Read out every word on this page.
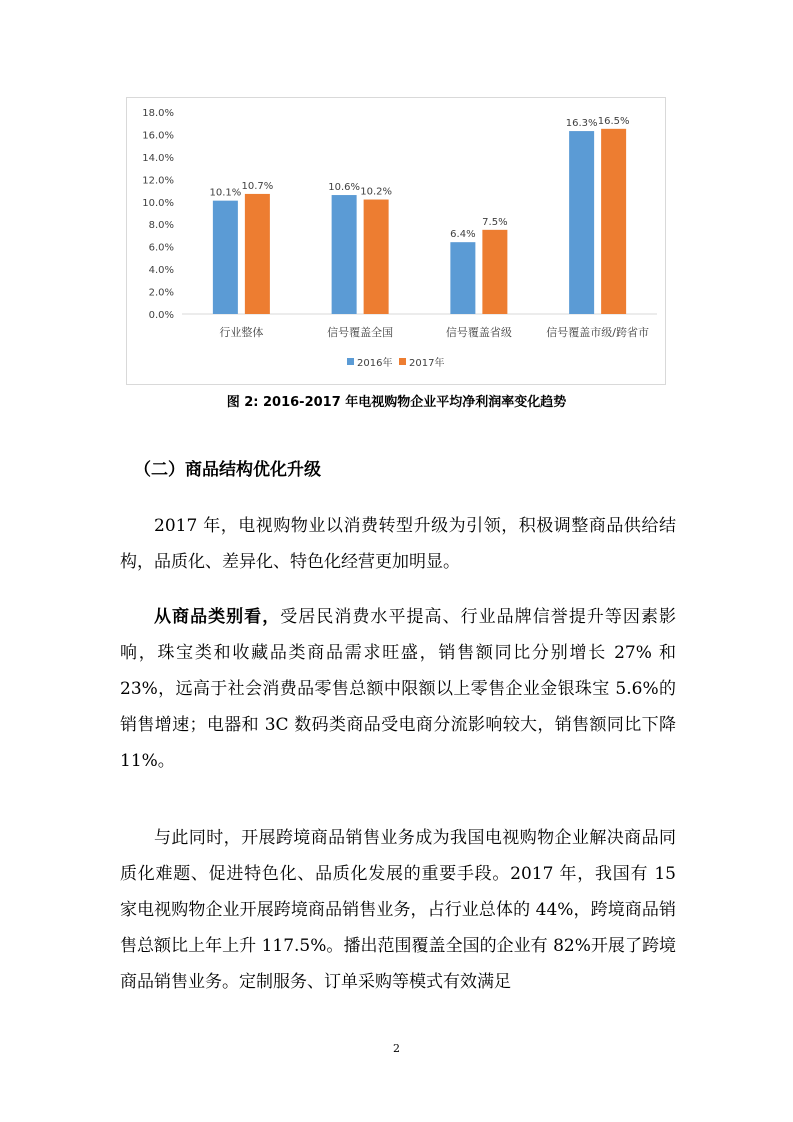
0.0%
2.0%
4.0%
6.0%
8.0%
10.0%
12.0%
14.0%
16.0%
18.0%
10.1%
10.7%
行业整体
10.6% 10.2%
信号覆盖全国
6.4%
7.5%
信号覆盖省级
16.3% 16.5%
信号覆盖市级/跨省市
2016年 2017年
图 2: 2016-2017 年电视购物企业平均净利润率变化趋势
（二）商品结构优化升级

2017 年，电视购物业以消费转型升级为引领，积极调整商品供给结构，品质化、差异化、特色化经营更加明显。

从商品类别看，受居民消费水平提高、行业品牌信誉提升等因素影响，珠宝类和收藏品类商品需求旺盛，销售额同比分别增长 27% 和 23%，远高于社会消费品零售总额中限额以上零售企业金银珠宝 5.6%的销售增速；电器和 3C 数码类商品受电商分流影响较大，销售额同比下降 11%。

与此同时，开展跨境商品销售业务成为我国电视购物企业解决商品同质化难题、促进特色化、品质化发展的重要手段。2017 年，我国有 15 家电视购物企业开展跨境商品销售业务，占行业总体的 44%，跨境商品销售总额比上年上升 117.5%。播出范围覆盖全国的企业有 82%开展了跨境商品销售业务。定制服务、订单采购等模式有效满足

2
